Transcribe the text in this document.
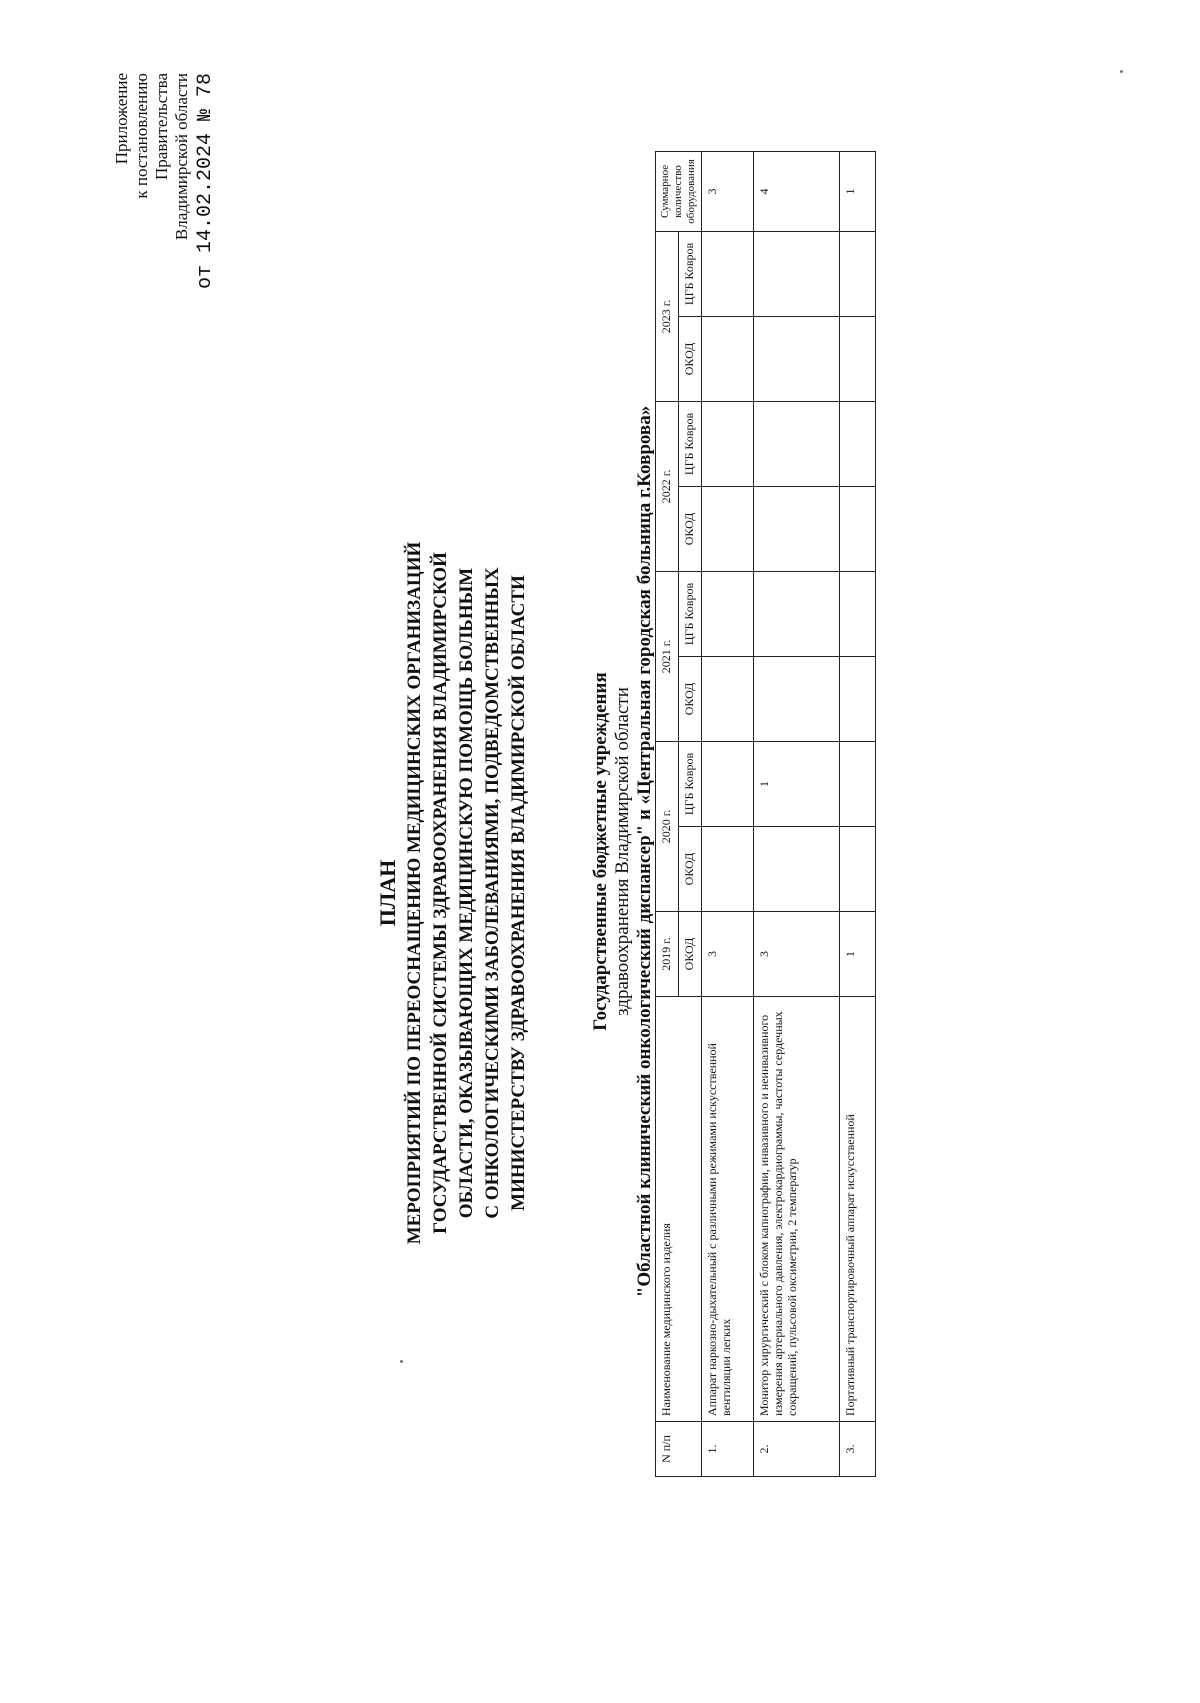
Приложение к постановлению Правительства Владимирской области от 14.02.2024 № 78
ПЛАН МЕРОПРИЯТИЙ ПО ПЕРЕОСНАЩЕНИЮ МЕДИЦИНСКИХ ОРГАНИЗАЦИЙ ГОСУДАРСТВЕННОЙ СИСТЕМЫ ЗДРАВООХРАНЕНИЯ ВЛАДИМИРСКОЙ ОБЛАСТИ, ОКАЗЫВАЮЩИХ МЕДИЦИНСКУЮ ПОМОЩЬ БОЛЬНЫМ С ОНКОЛОГИЧЕСКИМИ ЗАБОЛЕВАНИЯМИ, ПОДВЕДОМСТВЕННЫХ МИНИСТЕРСТВУ ЗДРАВООХРАНЕНИЯ ВЛАДИМИРСКОЙ ОБЛАСТИ	Государственные бюджетные учреждения здравоохранения Владимирской области "Областной клинический онкологический диспансер" и «Центральная городская больница г.Коврова»
N п/п	Наименование медицинского изделия	2019 г.	2020 г.		2021 г.		2022 г.		2023 г.		Суммарное количество оборудования
		ОКОД	ОКОД	ЦГБ Ковров	ОКОД	ЦГБ Ковров	ОКОД	ЦГБ Ковров	ОКОД	ЦГБ Ковров	
1.	Аппарат наркозно-дыхательный с различными режимами искусственной вентиляции легких	3									3
2.	Монитор хирургический с блоком капнографии, инвазивного и неинвазивного измерения артериального давления, электрокардиограммы, частоты сердечных сокращений, пульсовой оксиметрии, 2 температур	3		1							4
3.	Портативный транспортировочный аппарат искусственной	1									1
